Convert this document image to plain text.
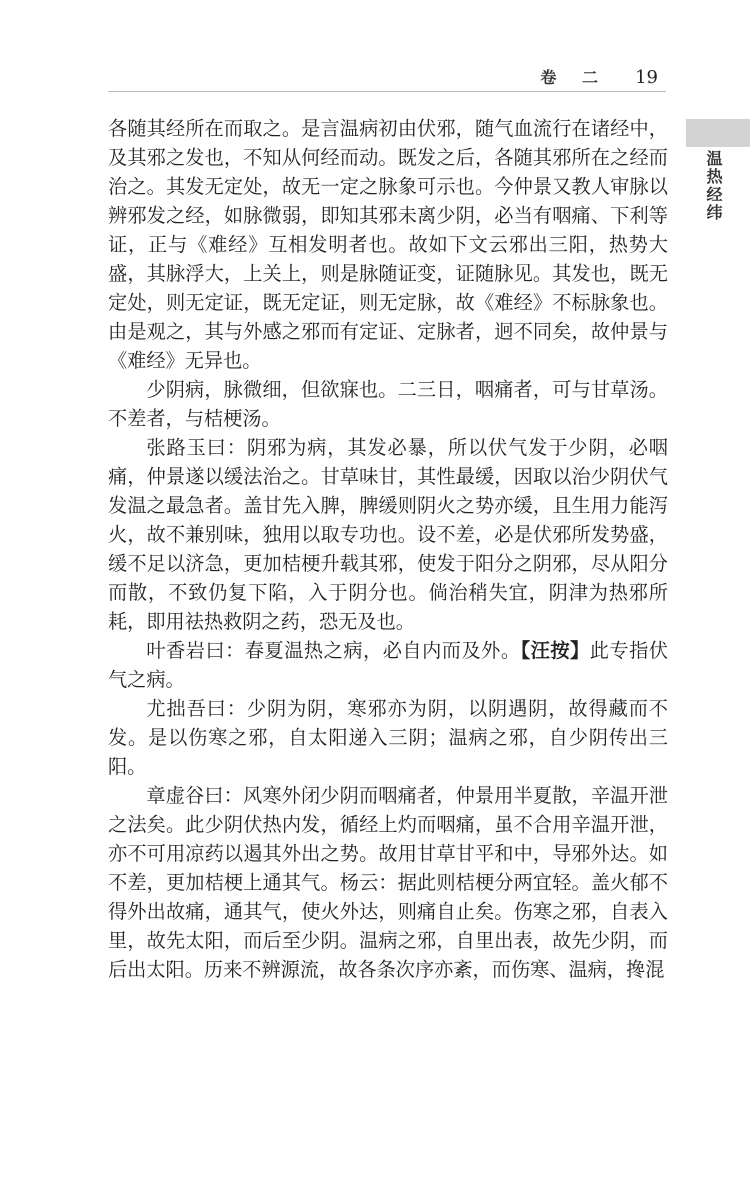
卷 二 19
温热经纬

各随其经所在而取之。是言温病初由伏邪，随气血流行在诸经中，及其邪之发也，不知从何经而动。既发之后，各随其邪所在之经而治之。其发无定处，故无一定之脉象可示也。今仲景又教人审脉以辨邪发之经，如脉微弱，即知其邪未离少阴，必当有咽痛、下利等证，正与《难经》互相发明者也。故如下文云邪出三阳，热势大盛，其脉浮大，上关上，则是脉随证变，证随脉见。其发也，既无定处，则无定证，既无定证，则无定脉，故《难经》不标脉象也。由是观之，其与外感之邪而有定证、定脉者，迥不同矣，故仲景与《难经》无异也。

少阴病，脉微细，但欲寐也。二三日，咽痛者，可与甘草汤。不差者，与桔梗汤。

张路玉曰：阴邪为病，其发必暴，所以伏气发于少阴，必咽痛，仲景遂以缓法治之。甘草味甘，其性最缓，因取以治少阴伏气发温之最急者。盖甘先入脾，脾缓则阴火之势亦缓，且生用力能泻火，故不兼别味，独用以取专功也。设不差，必是伏邪所发势盛，缓不足以济急，更加桔梗升载其邪，使发于阳分之阴邪，尽从阳分而散，不致仍复下陷，入于阴分也。倘治稍失宜，阴津为热邪所耗，即用祛热救阴之药，恐无及也。

叶香岩曰：春夏温热之病，必自内而及外。【汪按】此专指伏气之病。

尤拙吾曰：少阴为阴，寒邪亦为阴，以阴遇阴，故得藏而不发。是以伤寒之邪，自太阳递入三阴；温病之邪，自少阴传出三阳。

章虚谷曰：风寒外闭少阴而咽痛者，仲景用半夏散，辛温开泄之法矣。此少阴伏热内发，循经上灼而咽痛，虽不合用辛温开泄，亦不可用凉药以遏其外出之势。故用甘草甘平和中，导邪外达。如不差，更加桔梗上通其气。杨云：据此则桔梗分两宜轻。盖火郁不得外出故痛，通其气，使火外达，则痛自止矣。伤寒之邪，自表入里，故先太阳，而后至少阴。温病之邪，自里出表，故先少阴，而后出太阳。历来不辨源流，故各条次序亦紊，而伤寒、温病，搀混
